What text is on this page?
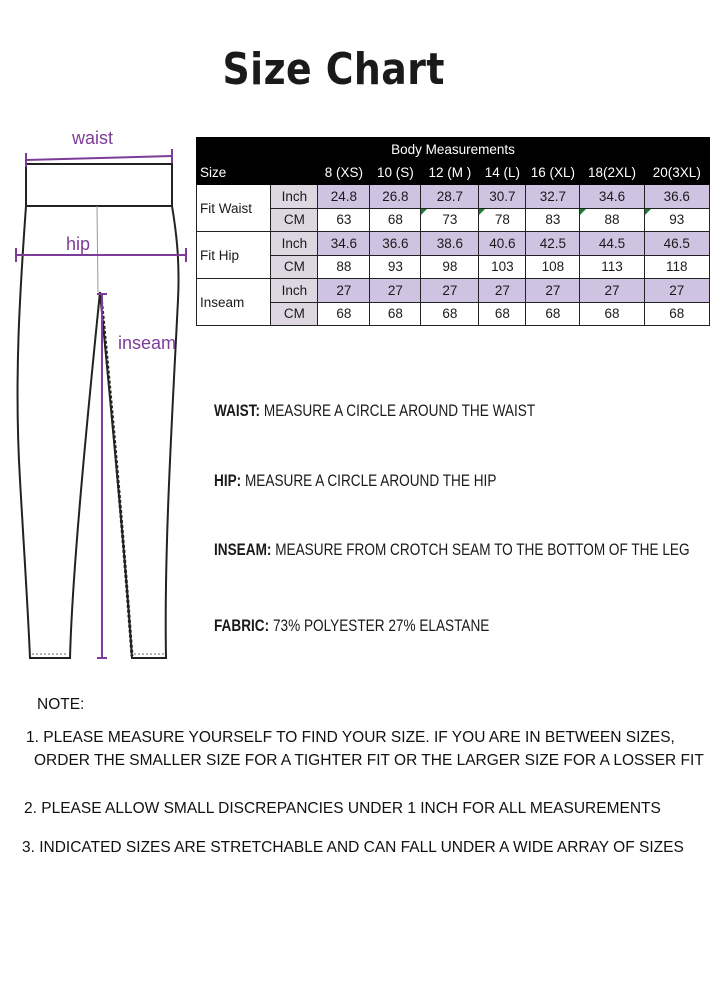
Size Chart
waist
hip
inseam
Body Measurements								
Size		8 (XS)	10 (S)	12 (M )	14 (L)	16 (XL)	18(2XL)	20(3XL)
Fit Waist	Inch	24.8	26.8	28.7	30.7	32.7	34.6	36.6
	CM	63	68	73	78	83	88	93
Fit Hip	Inch	34.6	36.6	38.6	40.6	42.5	44.5	46.5
	CM	88	93	98	103	108	113	118
Inseam	Inch	27	27	27	27	27	27	27
	CM	68	68	68	68	68	68	68
WAIST: MEASURE A CIRCLE AROUND THE WAIST
HIP: MEASURE A CIRCLE AROUND THE HIP
INSEAM: MEASURE FROM CROTCH SEAM TO THE BOTTOM OF THE LEG
FABRIC: 73% POLYESTER 27% ELASTANE
NOTE:
1. PLEASE MEASURE YOURSELF TO FIND YOUR SIZE. IF YOU ARE IN BETWEEN SIZES,
ORDER THE SMALLER SIZE FOR A TIGHTER FIT OR THE LARGER SIZE FOR A LOSSER FIT
2. PLEASE ALLOW SMALL DISCREPANCIES UNDER 1 INCH FOR ALL MEASUREMENTS
3. INDICATED SIZES ARE STRETCHABLE AND CAN FALL UNDER A WIDE ARRAY OF SIZES
